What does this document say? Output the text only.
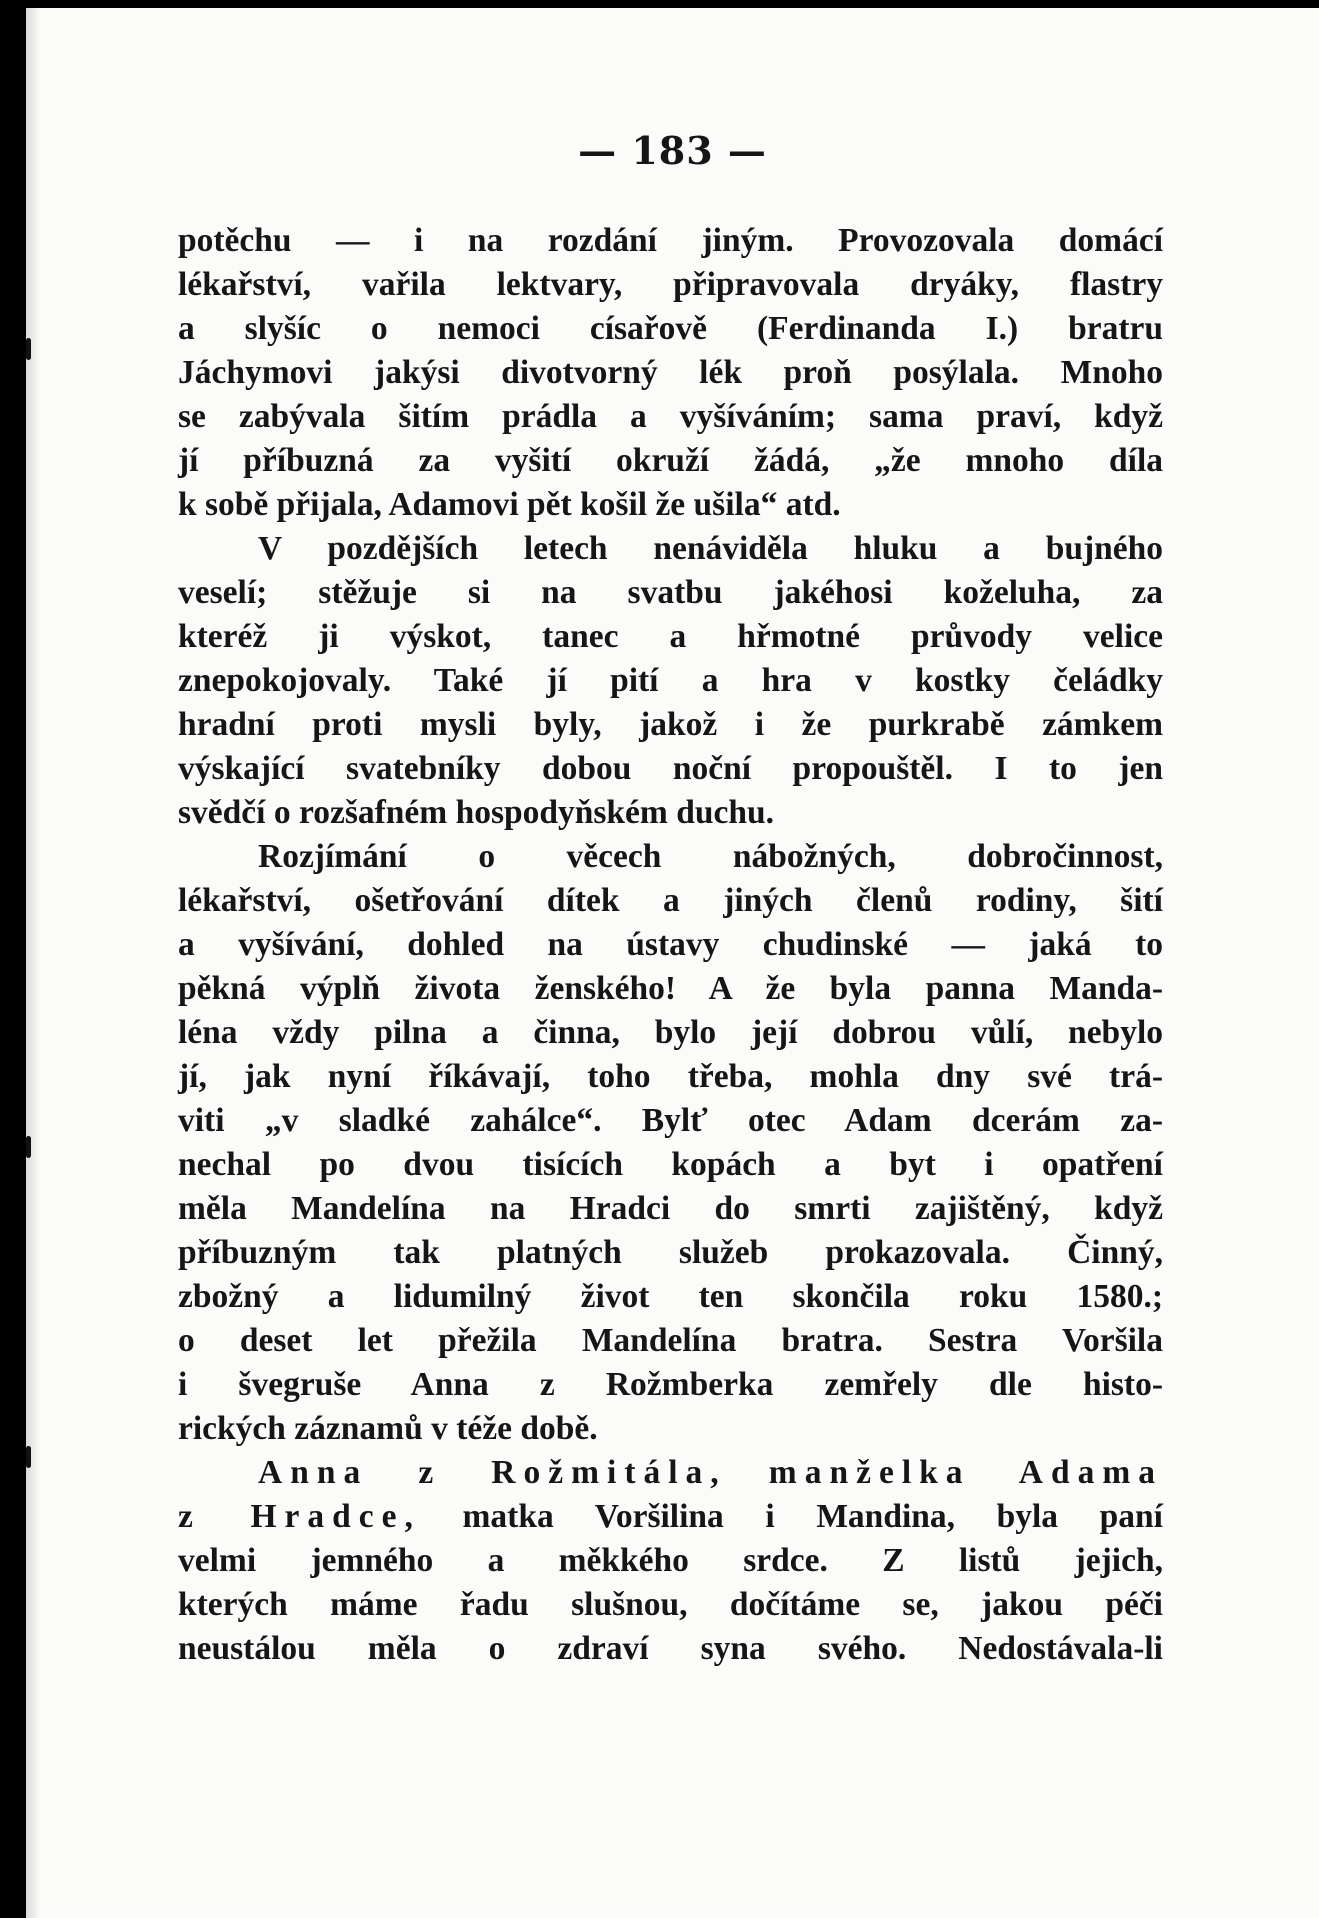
— 183 —
potěchu — i na rozdání jiným. Provozovala domácí
lékařství, vařila lektvary, připravovala dryáky, flastry
a slyšíc o nemoci císařově (Ferdinanda I.) bratru
Jáchymovi jakýsi divotvorný lék proň posýlala. Mnoho
se zabývala šitím prádla a vyšíváním; sama praví, když
jí příbuzná za vyšití okruží žádá, „že mnoho díla
k sobě přijala, Adamovi pět košil že ušila“ atd.
V pozdějších letech nenáviděla hluku a bujného
veselí; stěžuje si na svatbu jakéhosi koželuha, za
kteréž ji výskot, tanec a hřmotné průvody velice
znepokojovaly. Také jí pití a hra v kostky čeládky
hradní proti mysli byly, jakož i že purkrabě zámkem
výskající svatebníky dobou noční propouštěl. I to jen
svědčí o rozšafném hospodyňském duchu.
Rozjímání o věcech nábožných, dobročinnost,
lékařství, ošetřování dítek a jiných členů rodiny, šití
a vyšívání, dohled na ústavy chudinské — jaká to
pěkná výplň života ženského! A že byla panna Manda-
léna vždy pilna a činna, bylo její dobrou vůlí, nebylo
jí, jak nyní říkávají, toho třeba, mohla dny své trá-
viti „v sladké zahálce“. Bylť otec Adam dcerám za-
nechal po dvou tisících kopách a byt i opatření
měla Mandelína na Hradci do smrti zajištěný, když
příbuzným tak platných služeb prokazovala. Činný,
zbožný a lidumilný život ten skončila roku 1580.;
o deset let přežila Mandelína bratra. Sestra Voršila
i švegruše Anna z Rožmberka zemřely dle histo-
rických záznamů v téže době.
Anna z Rožmitála, manželka Adama
z Hradce, matka Voršilina i Mandina, byla paní
velmi jemného a měkkého srdce. Z listů jejich,
kterých máme řadu slušnou, dočítáme se, jakou péči
neustálou měla o zdraví syna svého. Nedostávala-li
